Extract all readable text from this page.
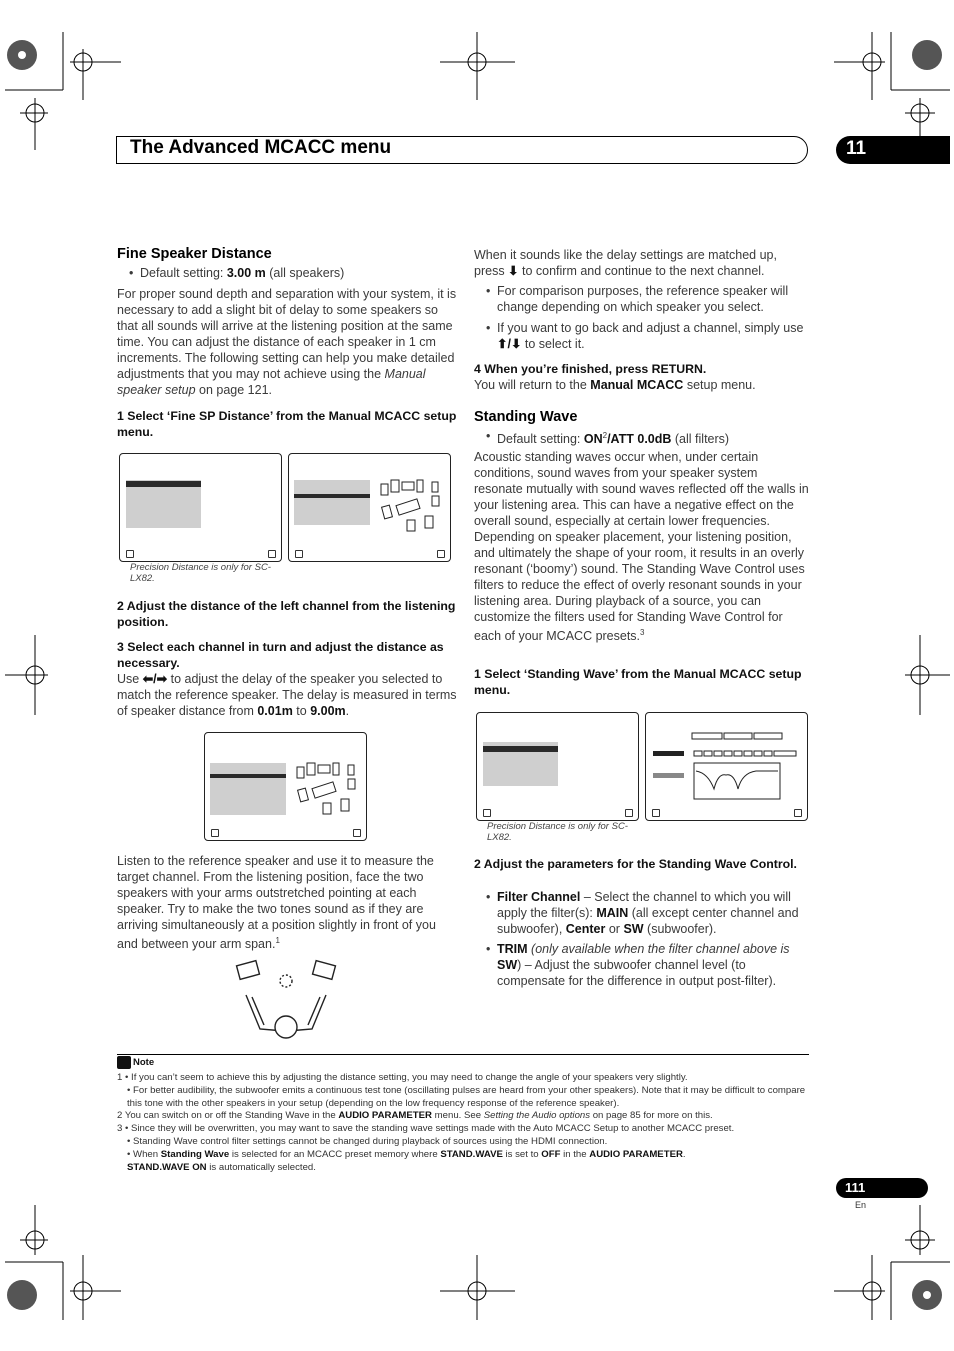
The Advanced MCACC menu	11
Fine Speaker Distance
• Default setting: 3.00 m (all speakers)
For proper sound depth and separation with your system, it is necessary to add a slight bit of delay to some speakers so that all sounds will arrive at the listening position at the same time. You can adjust the distance of each speaker in 1 cm increments. The following setting can help you make detailed adjustments that you may not achieve using the Manual speaker setup on page 121.
1 Select ‘Fine SP Distance’ from the Manual MCACC setup menu.
Precision Distance is only for SC-LX82.
2 Adjust the distance of the left channel from the listening position.
3 Select each channel in turn and adjust the distance as necessary.
Use ⬅/➡ to adjust the delay of the speaker you selected to match the reference speaker. The delay is measured in terms of speaker distance from 0.01m to 9.00m.
Listen to the reference speaker and use it to measure the target channel. From the listening position, face the two speakers with your arms outstretched pointing at each speaker. Try to make the two tones sound as if they are arriving simultaneously at a position slightly in front of you and between your arm span.$^1$
When it sounds like the delay settings are matched up, press ⬇ to confirm and continue to the next channel.
• For comparison purposes, the reference speaker will change depending on which speaker you select.
• If you want to go back and adjust a channel, simply use ⬆/⬇ to select it.
4 When you’re finished, press RETURN.
You will return to the Manual MCACC setup menu.
Standing Wave
• Default setting: $ON^2$/ATT 0.0dB (all filters)
Acoustic standing waves occur when, under certain conditions, sound waves from your speaker system resonate mutually with sound waves reflected off the walls in your listening area. This can have a negative effect on the overall sound, especially at certain lower frequencies. Depending on speaker placement, your listening position, and ultimately the shape of your room, it results in an overly resonant (‘boomy’) sound. The Standing Wave Control uses filters to reduce the effect of overly resonant sounds in your listening area. During playback of a source, you can customize the filters used for Standing Wave Control for each of your MCACC presets.$^3$
1 Select ‘Standing Wave’ from the Manual MCACC setup menu.
Precision Distance is only for SC-LX82.
2 Adjust the parameters for the Standing Wave Control.
• Filter Channel – Select the channel to which you will apply the filter(s): MAIN (all except center channel and subwoofer), Center or SW (subwoofer).
• TRIM (only available when the filter channel above is SW) – Adjust the subwoofer channel level (to compensate for the difference in output post-filter).
Note
1 • If you can’t seem to achieve this by adjusting the distance setting, you may need to change the angle of your speakers very slightly.
• For better audibility, the subwoofer emits a continuous test tone (oscillating pulses are heard from your other speakers). Note that it may be difficult to compare this tone with the other speakers in your setup (depending on the low frequency response of the reference speaker).
2 You can switch on or off the Standing Wave in the AUDIO PARAMETER menu. See Setting the Audio options on page 85 for more on this.
3 • Since they will be overwritten, you may want to save the standing wave settings made with the Auto MCACC Setup to another MCACC preset.
• Standing Wave control filter settings cannot be changed during playback of sources using the HDMI connection.
• When Standing Wave is selected for an MCACC preset memory where STAND.WAVE is set to OFF in the AUDIO PARAMETER.
STAND.WAVE ON is automatically selected.
111
En
